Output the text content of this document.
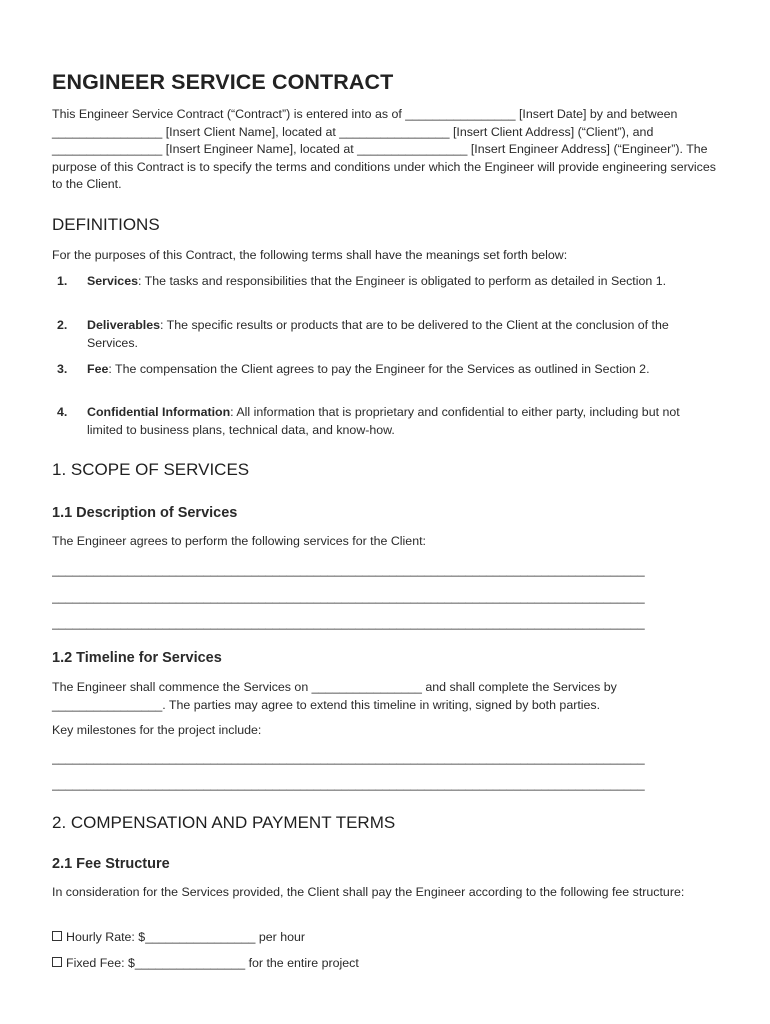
ENGINEER SERVICE CONTRACT

This Engineer Service Contract (“Contract”) is entered into as of ________________ [Insert Date] by and between ________________ [Insert Client Name], located at ________________ [Insert Client Address] (“Client”), and ________________ [Insert Engineer Name], located at ________________ [Insert Engineer Address] (“Engineer”). The purpose of this Contract is to specify the terms and conditions under which the Engineer will provide engineering services to the Client.

DEFINITIONS

For the purposes of this Contract, the following terms shall have the meanings set forth below:

1. Services: The tasks and responsibilities that the Engineer is obligated to perform as detailed in Section 1.

2. Deliverables: The specific results or products that are to be delivered to the Client at the conclusion of the Services.

3. Fee: The compensation the Client agrees to pay the Engineer for the Services as outlined in Section 2.

4. Confidential Information: All information that is proprietary and confidential to either party, including but not limited to business plans, technical data, and know-how.

1. SCOPE OF SERVICES
1.1 Description of Services

The Engineer agrees to perform the following services for the Client:

______________________________________________________________________________________

______________________________________________________________________________________

______________________________________________________________________________________

1.2 Timeline for Services

The Engineer shall commence the Services on ________________ and shall complete the Services by ________________. The parties may agree to extend this timeline in writing, signed by both parties.

Key milestones for the project include:

______________________________________________________________________________________

______________________________________________________________________________________

2. COMPENSATION AND PAYMENT TERMS
2.1 Fee Structure

In consideration for the Services provided, the Client shall pay the Engineer according to the following fee structure:

Hourly Rate: $________________ per hour

Fixed Fee: $________________ for the entire project
